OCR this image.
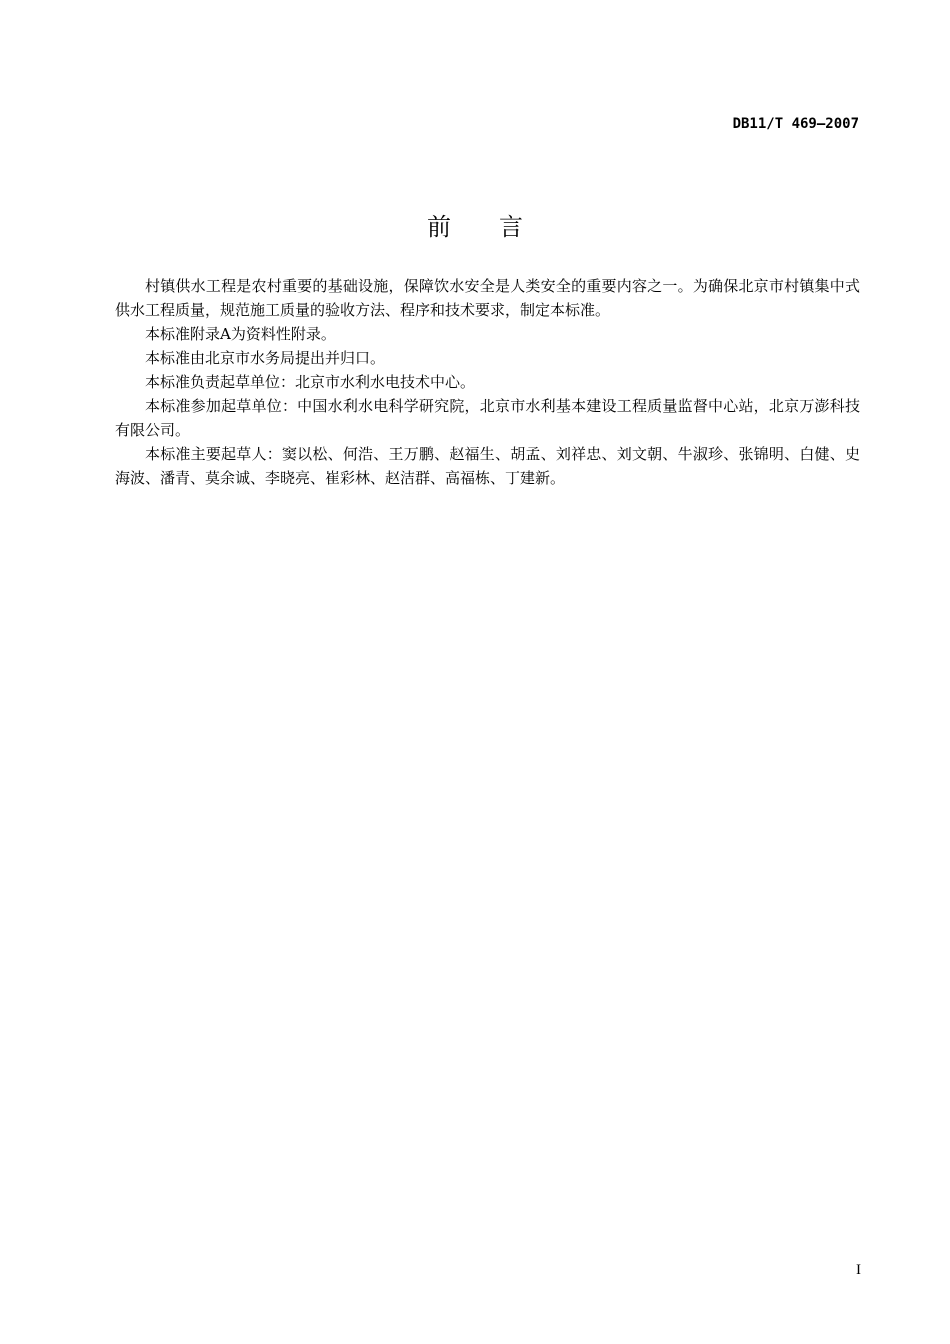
DB11/T 469—2007
前　　言

村镇供水工程是农村重要的基础设施，保障饮水安全是人类安全的重要内容之一。为确保北京市村镇集中式供水工程质量，规范施工质量的验收方法、程序和技术要求，制定本标准。

本标准附录A为资料性附录。

本标准由北京市水务局提出并归口。

本标准负责起草单位：北京市水利水电技术中心。

本标准参加起草单位：中国水利水电科学研究院，北京市水利基本建设工程质量监督中心站，北京万澎科技有限公司。

本标准主要起草人：窦以松、何浩、王万鹏、赵福生、胡孟、刘祥忠、刘文朝、牛淑珍、张锦明、白健、史海波、潘青、莫余诚、李晓亮、崔彩林、赵洁群、高福栋、丁建新。

I
